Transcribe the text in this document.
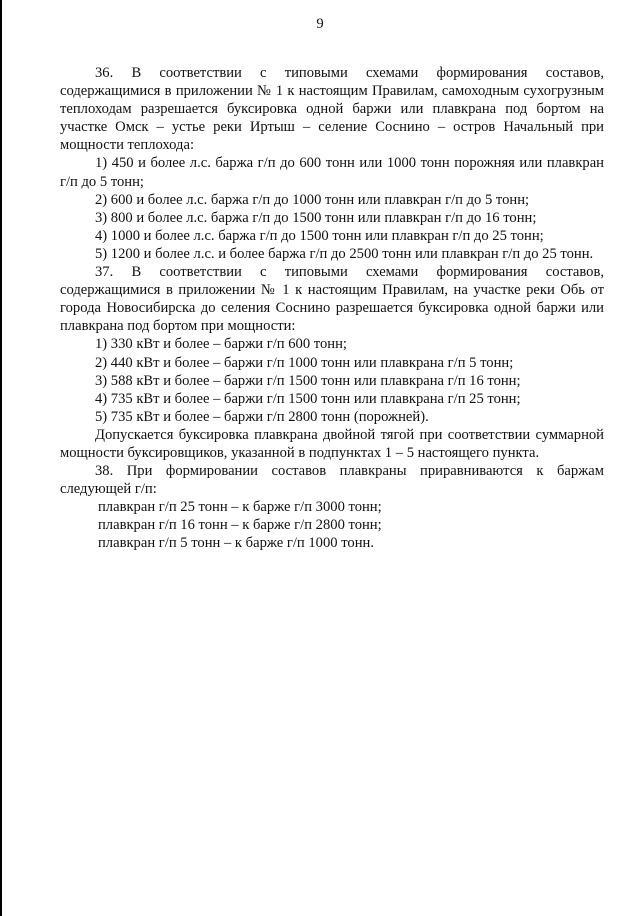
9
36. В соответствии с типовыми схемами формирования составов, содержащимися в приложении № 1 к настоящим Правилам, самоходным сухогрузным теплоходам разрешается буксировка одной баржи или плавкрана под бортом на участке Омск – устье реки Иртыш – селение Соснино – остров Начальный при мощности теплохода:
1) 450 и более л.с. баржа г/п до 600 тонн или 1000 тонн порожняя или плавкран г/п до 5 тонн;
2) 600 и более л.с. баржа г/п до 1000 тонн или плавкран г/п до 5 тонн;
3) 800 и более л.с. баржа г/п до 1500 тонн или плавкран г/п до 16 тонн;
4) 1000 и более л.с. баржа г/п до 1500 тонн или плавкран г/п до 25 тонн;
5) 1200 и более л.с. и более баржа г/п до 2500 тонн или плавкран г/п до 25 тонн.
37. В соответствии с типовыми схемами формирования составов, содержащимися в приложении № 1 к настоящим Правилам, на участке реки Обь от города Новосибирска до селения Соснино разрешается буксировка одной баржи или плавкрана под бортом при мощности:
1) 330 кВт и более – баржи г/п 600 тонн;
2) 440 кВт и более – баржи г/п 1000 тонн или плавкрана г/п 5 тонн;
3) 588 кВт и более – баржи г/п 1500 тонн или плавкрана г/п 16 тонн;
4) 735 кВт и более – баржи г/п 1500 тонн или плавкрана г/п 25 тонн;
5) 735 кВт и более – баржи г/п 2800 тонн (порожней).
Допускается буксировка плавкрана двойной тягой при соответствии суммарной мощности буксировщиков, указанной в подпунктах 1 – 5 настоящего пункта.
38. При формировании составов плавкраны приравниваются к баржам следующей г/п:
плавкран г/п 25 тонн – к барже г/п 3000 тонн;
плавкран г/п 16 тонн – к барже г/п 2800 тонн;
плавкран г/п 5 тонн – к барже г/п 1000 тонн.
